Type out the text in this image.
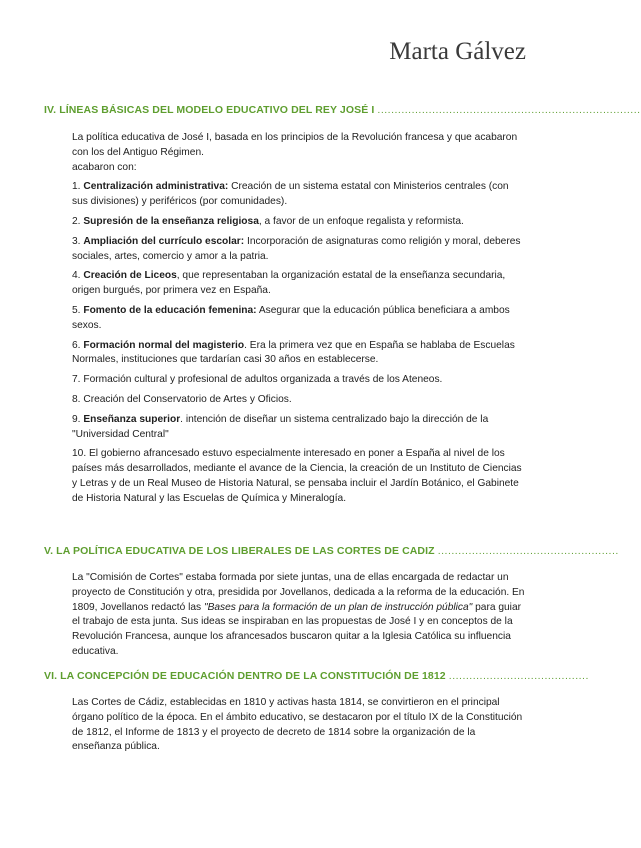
Marta Gálvez
IV. LÍNEAS BÁSICAS DEL MODELO EDUCATIVO DEL REY JOSÉ I .............................................................................

La política educativa de José I, basada en los principios de la Revolución francesa y que acabaron con los del Antiguo Régimen.

acabaron con:

1. Centralización administrativa: Creación de un sistema estatal con Ministerios centrales (con sus divisiones) y periféricos (por comunidades).

2. Supresión de la enseñanza religiosa, a favor de un enfoque regalista y reformista.

3. Ampliación del currículo escolar: Incorporación de asignaturas como religión y moral, deberes sociales, artes, comercio y amor a la patria.

4. Creación de Liceos, que representaban la organización estatal de la enseñanza secundaria, origen burgués, por primera vez en España.

5. Fomento de la educación femenina: Asegurar que la educación pública beneficiara a ambos sexos.

6. Formación normal del magisterio. Era la primera vez que en España se hablaba de Escuelas Normales, instituciones que tardarían casi 30 años en establecerse.

7. Formación cultural y profesional de adultos organizada a través de los Ateneos.

8. Creación del Conservatorio de Artes y Oficios.

9. Enseñanza superior. intención de diseñar un sistema centralizado bajo la dirección de la "Universidad Central"

10. El gobierno afrancesado estuvo especialmente interesado en poner a España al nivel de los países más desarrollados, mediante el avance de la Ciencia, la creación de un Instituto de Ciencias y Letras y de un Real Museo de Historia Natural, se pensaba incluir el Jardín Botánico, el Gabinete de Historia Natural y las Escuelas de Química y Mineralogía.

V. LA POLÍTICA EDUCATIVA DE LOS LIBERALES DE LAS CORTES DE CADIZ .....................................................

La "Comisión de Cortes" estaba formada por siete juntas, una de ellas encargada de redactar un proyecto de Constitución y otra, presidida por Jovellanos, dedicada a la reforma de la educación. En 1809, Jovellanos redactó las "Bases para la formación de un plan de instrucción pública" para guiar el trabajo de esta junta. Sus ideas se inspiraban en las propuestas de José I y en conceptos de la Revolución Francesa, aunque los afrancesados buscaron quitar a la Iglesia Católica su influencia educativa.

VI. LA CONCEPCIÓN DE EDUCACIÓN DENTRO DE LA CONSTITUCIÓN DE 1812 .........................................

Las Cortes de Cádiz, establecidas en 1810 y activas hasta 1814, se convirtieron en el principal órgano político de la época. En el ámbito educativo, se destacaron por el título IX de la Constitución de 1812, el Informe de 1813 y el proyecto de decreto de 1814 sobre la organización de la enseñanza pública.
